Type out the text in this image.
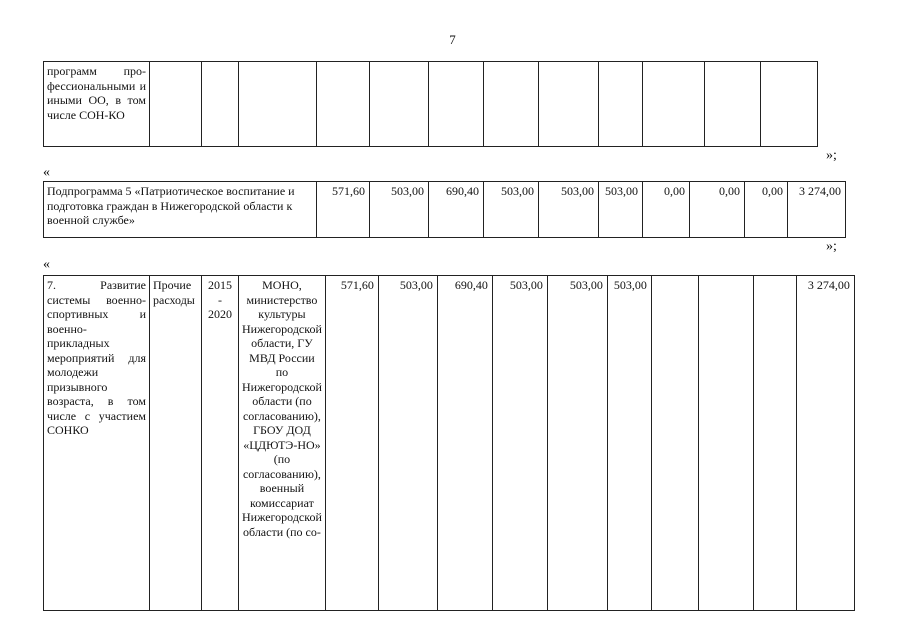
7
программ про-фессиональными и иными ОО, в том числе СОН-КО												
»;
«
Подпрограмма 5 «Патриотическое воспитание и подготовка граждан в Нижегородской области к военной службе»	571,60	503,00	690,40	503,00	503,00	503,00	0,00	0,00	0,00	3 274,00
»;
«
7. Развитие системы военно-спортивных и военно-прикладных мероприятий для молодежи призывного возраста, в том числе с участием СОНКО	Прочие расходы	2015 - 2020	МОНО, министерство культуры Нижегородской области, ГУ МВД России по Нижегородской области (по согласованию), ГБОУ ДОД «ЦДЮТЭ-НО» (по согласованию), военный комиссариат Нижегородской области (по со-	571,60	503,00	690,40	503,00	503,00	503,00				3 274,00
